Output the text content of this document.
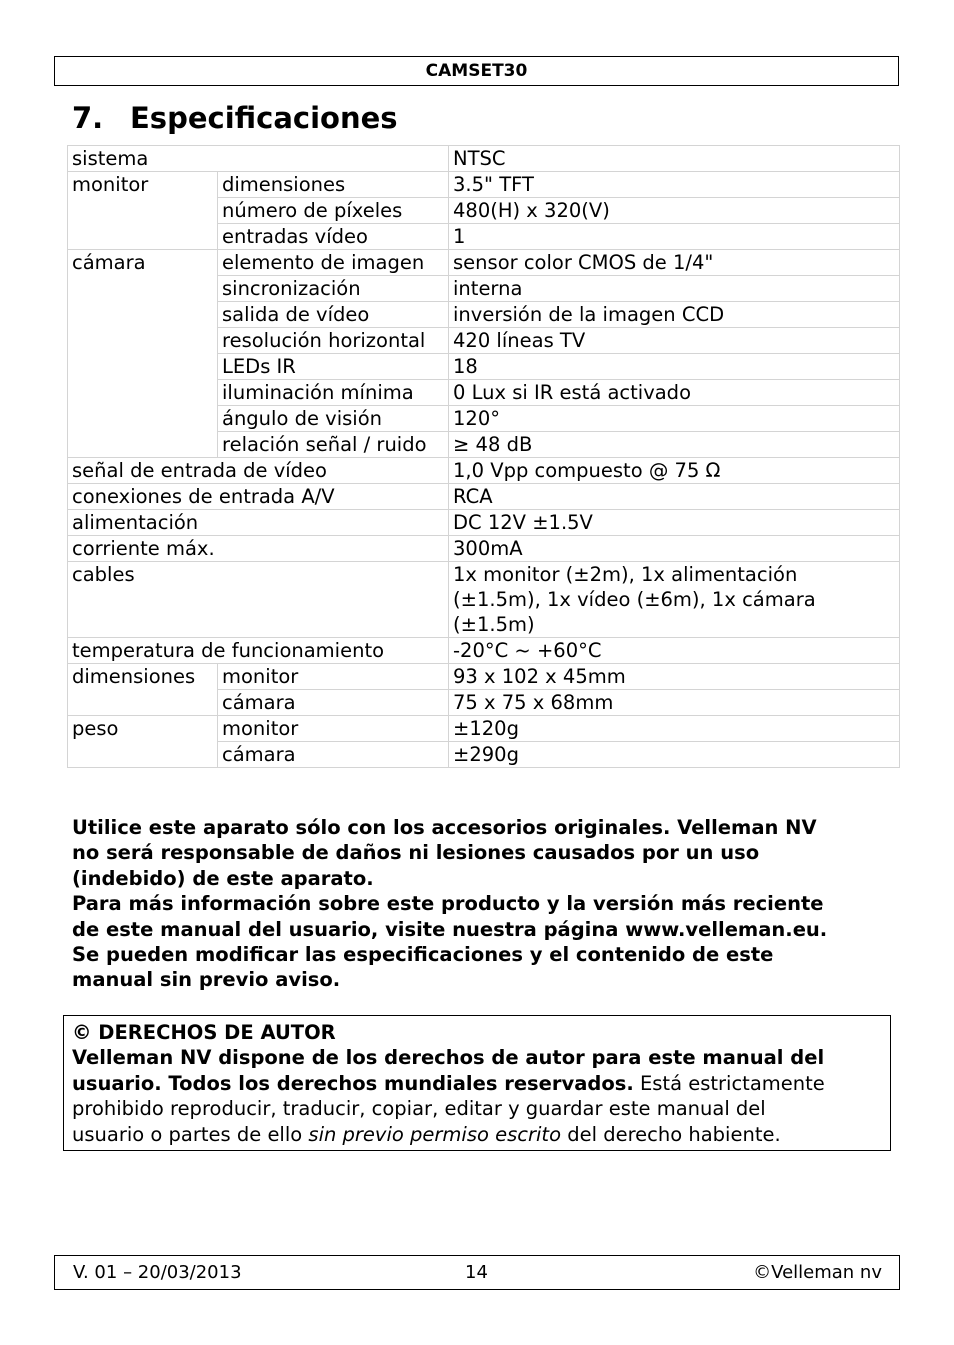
CAMSET30
7. Especificaciones
sistema		NTSC
monitor	dimensiones	3.5" TFT
	número de píxeles	480(H) x 320(V)
	entradas vídeo	1
cámara	elemento de imagen	sensor color CMOS de 1/4"
	sincronización	interna
	salida de vídeo	inversión de la imagen CCD
	resolución horizontal	420 líneas TV
	LEDs IR	18
	iluminación mínima	0 Lux si IR está activado
	ángulo de visión	120°
	relación señal / ruido	≥ 48 dB
señal de entrada de vídeo		1,0 Vpp compuesto @ 75 Ω
conexiones de entrada A/V		RCA
alimentación		DC 12V ±1.5V
corriente máx.		300mA
cables		1x monitor (±2m), 1x alimentación
(±1.5m), 1x vídeo (±6m), 1x cámara
(±1.5m)

temperatura de funcionamiento		-20°C ~ +60°C
dimensiones	monitor	93 x 102 x 45mm
	cámara	75 x 75 x 68mm
peso	monitor	±120g
	cámara	±290g

Utilice este aparato sólo con los accesorios originales. Velleman NV

no será responsable de daños ni lesiones causados por un uso

(indebido) de este aparato.

Para más información sobre este producto y la versión más reciente

de este manual del usuario, visite nuestra página www.velleman.eu.

Se pueden modificar las especificaciones y el contenido de este

manual sin previo aviso.

© DERECHOS DE AUTOR
Velleman NV dispone de los derechos de autor para este manual del
usuario. Todos los derechos mundiales reservados. Está estrictamente
prohibido reproducir, traducir, copiar, editar y guardar este manual del
usuario o partes de ello sin previo permiso escrito del derecho habiente.
V. 01 – 20/03/2013	14	©Velleman nv
